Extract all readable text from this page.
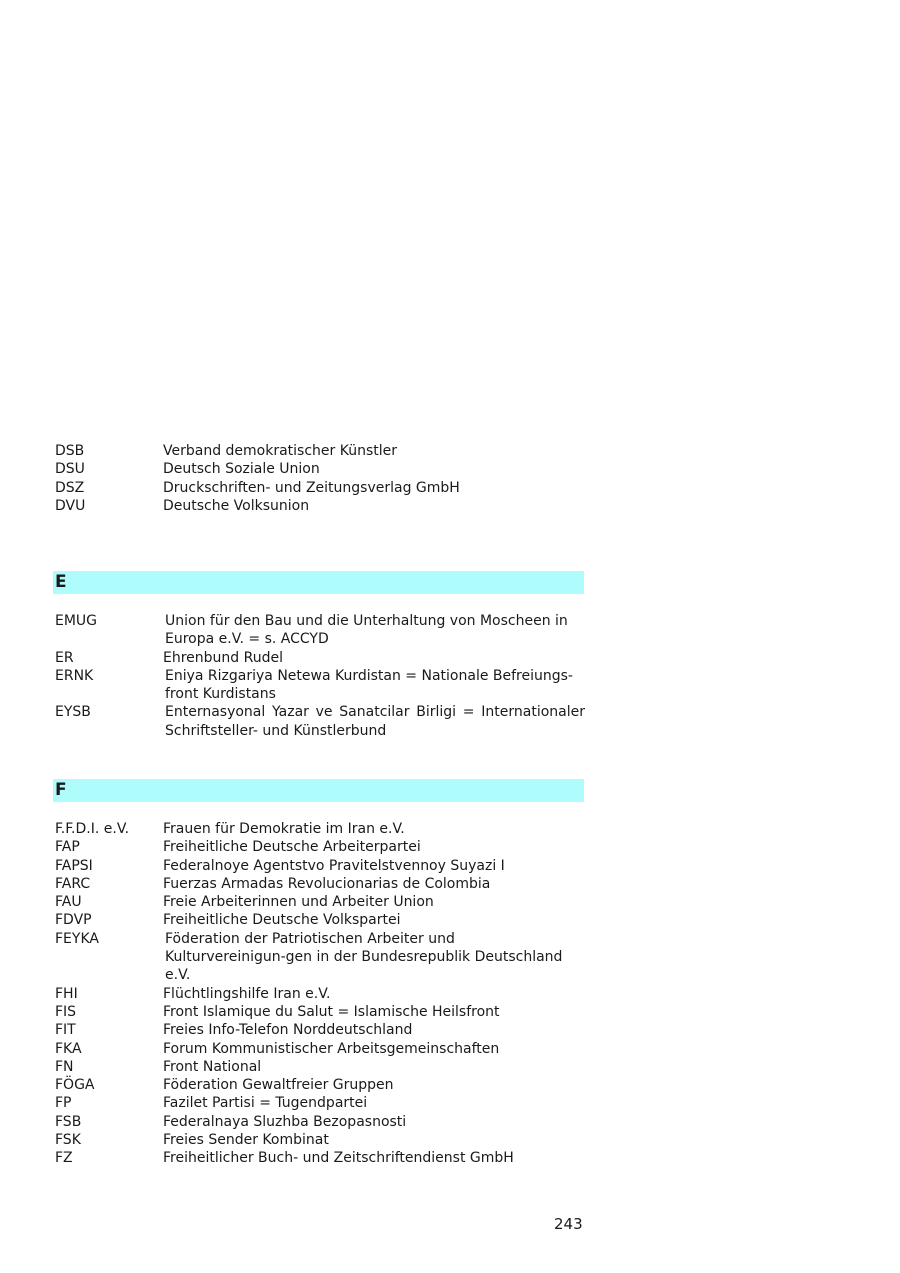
DSB	Verband demokratischer Künstler
DSU	Deutsch Soziale Union
DSZ	Druckschriften- und Zeitungsverlag GmbH
DVU	Deutsche Volksunion
E
EMUG	Union für den Bau und die Unterhaltung von Moscheen in Europa e.V. = s. ACCYD
ER	Ehrenbund Rudel
ERNK	Eniya Rizgariya Netewa Kurdistan = Nationale Befreiungs-front Kurdistans
EYSB	Enternasyonal Yazar ve Sanatcilar Birligi = Internationaler Schriftsteller- und Künstlerbund
F
F.F.D.I. e.V.	Frauen für Demokratie im Iran e.V.
FAP	Freiheitliche Deutsche Arbeiterpartei
FAPSI	Federalnoye Agentstvo Pravitelstvennoy Suyazi I
FARC	Fuerzas Armadas Revolucionarias de Colombia
FAU	Freie Arbeiterinnen und Arbeiter Union
FDVP	Freiheitliche Deutsche Volkspartei
FEYKA	Föderation der Patriotischen Arbeiter und Kulturvereinigun-gen in der Bundesrepublik Deutschland e.V.
FHI	Flüchtlingshilfe Iran e.V.
FIS	Front Islamique du Salut = Islamische Heilsfront
FIT	Freies Info-Telefon Norddeutschland
FKA	Forum Kommunistischer Arbeitsgemeinschaften
FN	Front National
FÖGA	Föderation Gewaltfreier Gruppen
FP	Fazilet Partisi = Tugendpartei
FSB	Federalnaya Sluzhba Bezopasnosti
FSK	Freies Sender Kombinat
FZ	Freiheitlicher Buch- und Zeitschriftendienst GmbH
243
